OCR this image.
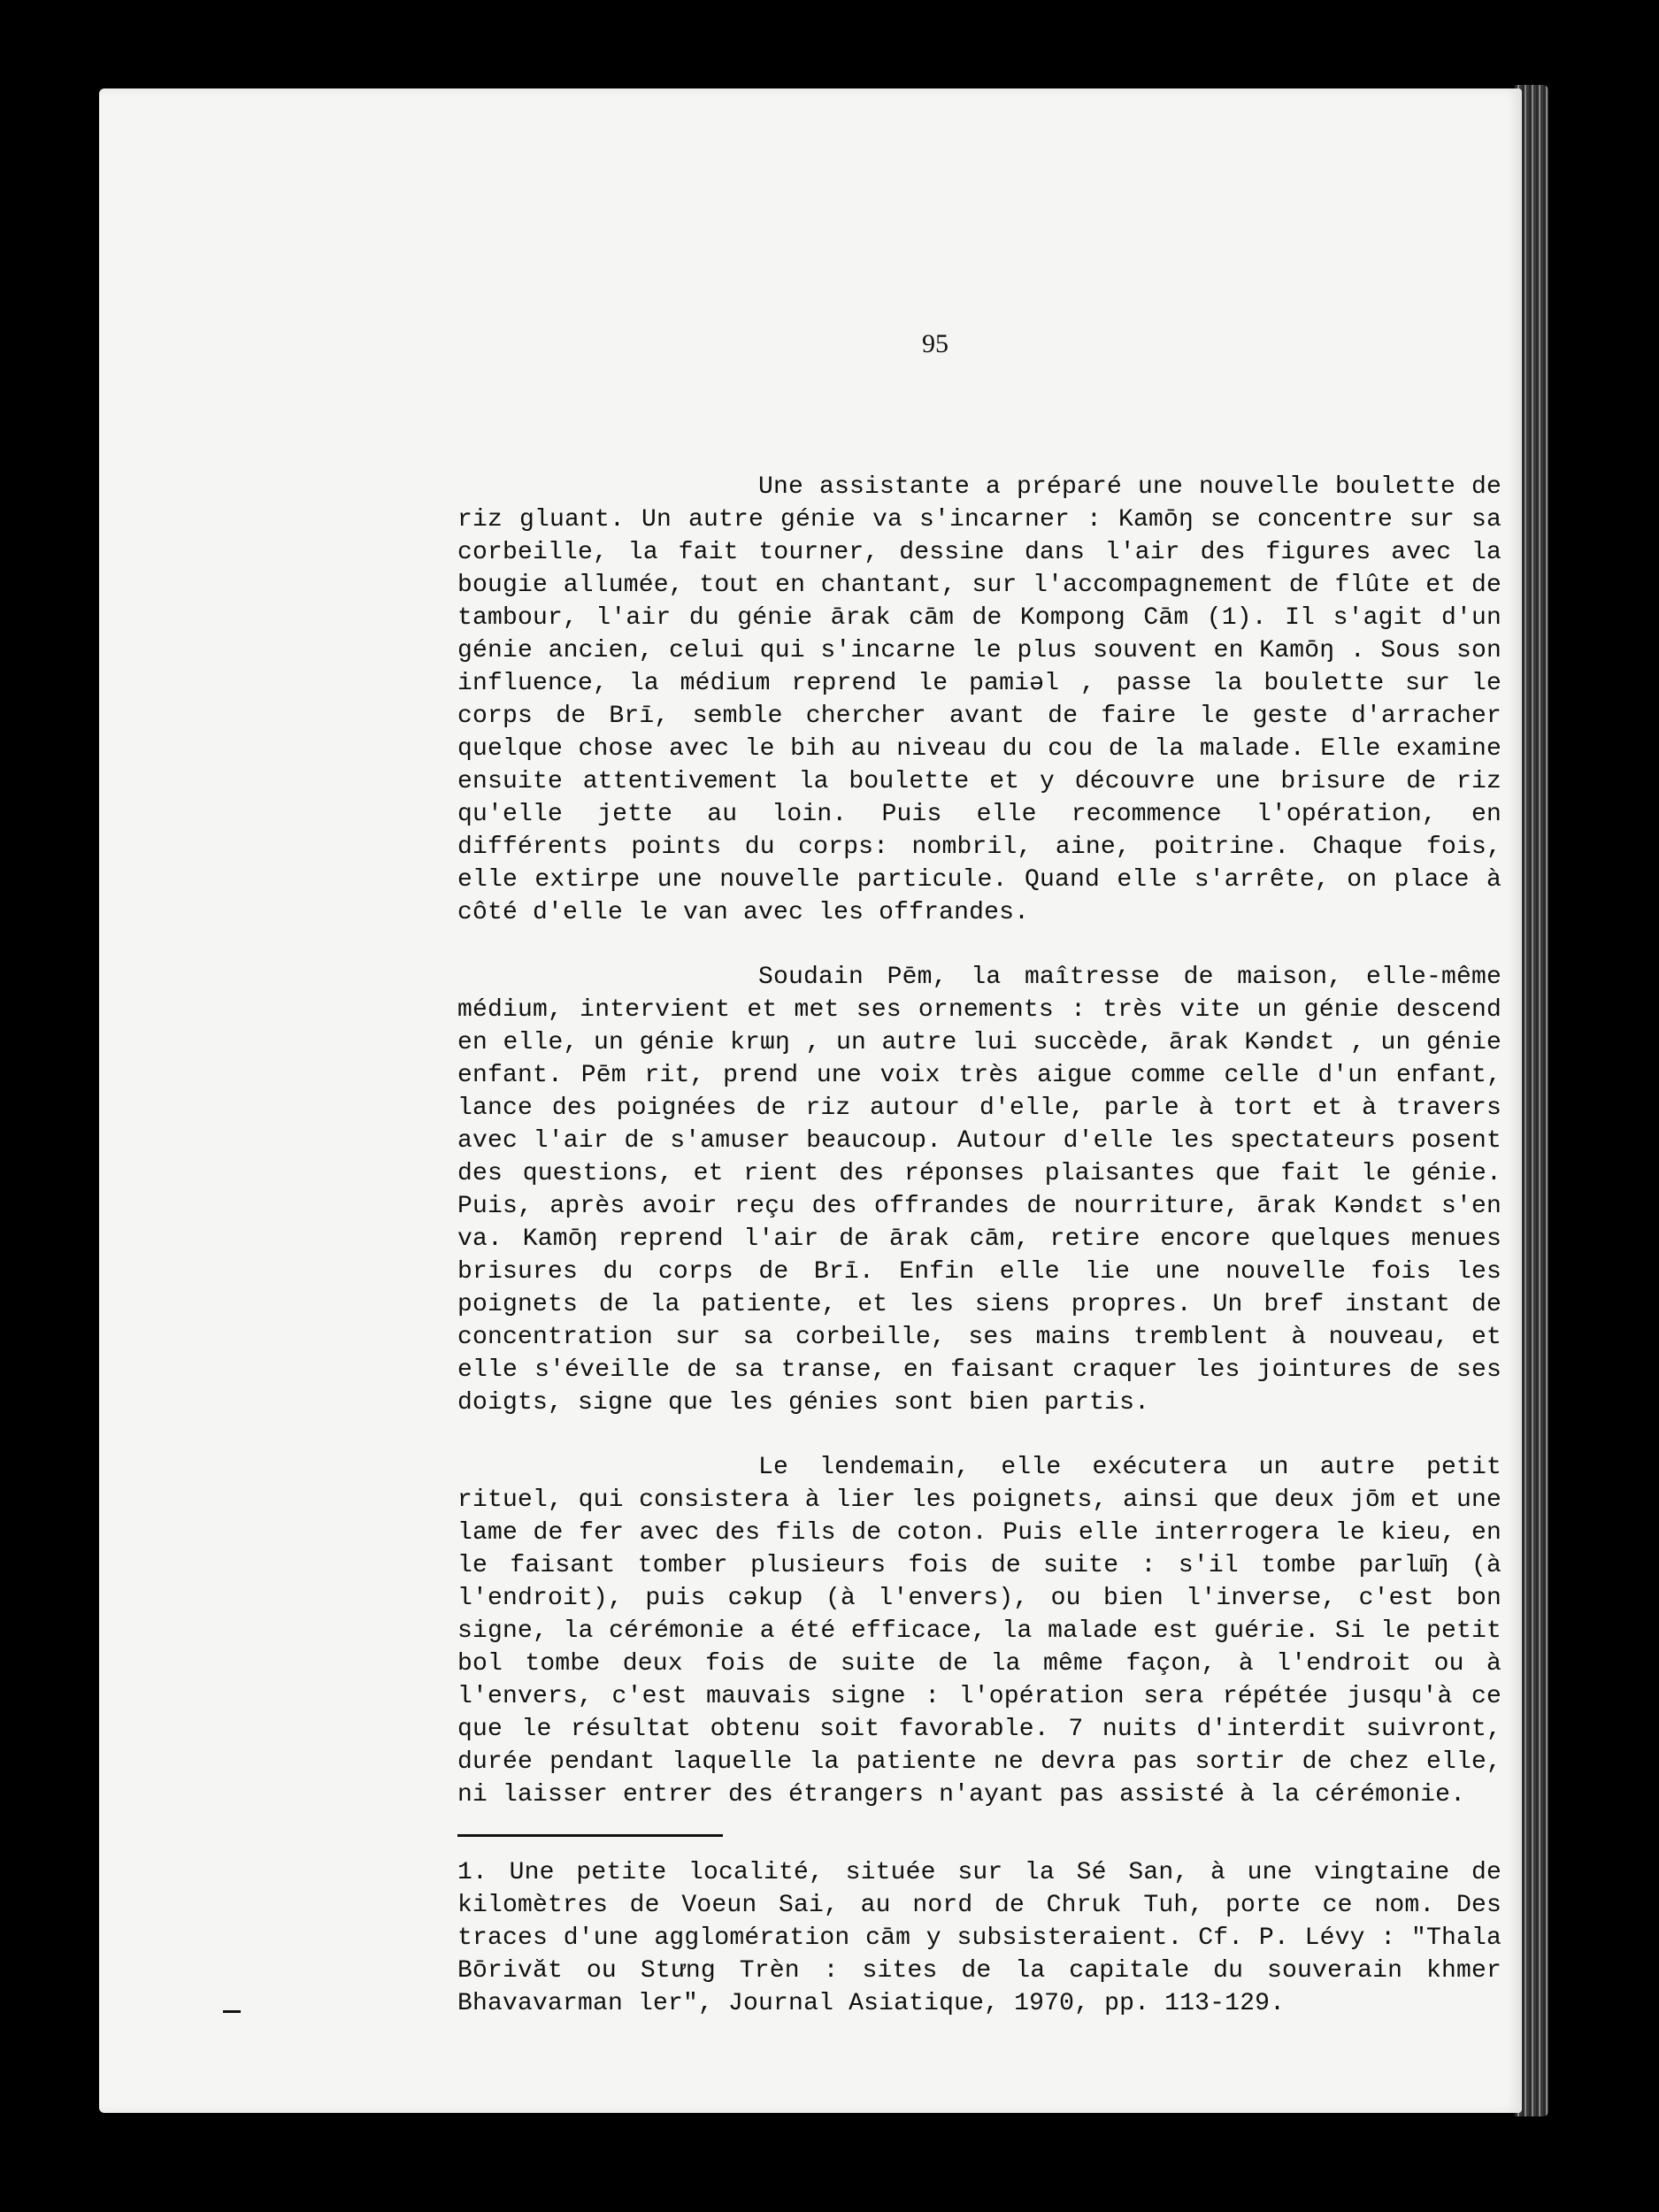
95

Une assistante a préparé une nouvelle boulette de riz gluant. Un autre génie va s'incarner : Kamōŋ se concentre sur sa corbeille, la fait tourner, dessine dans l'air des figures avec la bougie allumée, tout en chantant, sur l'accompagnement de flûte et de tambour, l'air du génie ārak cām de Kompong Cām (1). Il s'agit d'un génie ancien, celui qui s'incarne le plus souvent en Kamōŋ . Sous son influence, la médium reprend le pamiəl , passe la boulette sur le corps de Brī, semble chercher avant de faire le geste d'arracher quelque chose avec le bih au niveau du cou de la malade. Elle examine ensuite attentivement la boulette et y découvre une brisure de riz qu'elle jette au loin. Puis elle recommence l'opération, en différents points du corps: nombril, aine, poitrine. Chaque fois, elle extirpe une nouvelle particule. Quand elle s'arrête, on place à côté d'elle le van avec les offrandes.

Soudain Pēm, la maîtresse de maison, elle-même médium, intervient et met ses ornements : très vite un génie descend en elle, un génie krɯŋ , un autre lui succède, ārak Kəndɛt , un génie enfant. Pēm rit, prend une voix très aigue comme celle d'un enfant, lance des poignées de riz autour d'elle, parle à tort et à travers avec l'air de s'amuser beaucoup. Autour d'elle les spectateurs posent des questions, et rient des réponses plaisantes que fait le génie. Puis, après avoir reçu des offrandes de nourriture, ārak Kəndɛt s'en va. Kamōŋ reprend l'air de ārak cām, retire encore quelques menues brisures du corps de Brī. Enfin elle lie une nouvelle fois les poignets de la patiente, et les siens propres. Un bref instant de concentration sur sa corbeille, ses mains tremblent à nouveau, et elle s'éveille de sa transe, en faisant craquer les jointures de ses doigts, signe que les génies sont bien partis.

Le lendemain, elle exécutera un autre petit rituel, qui consistera à lier les poignets, ainsi que deux jōm et une lame de fer avec des fils de coton. Puis elle interrogera le kieu, en le faisant tomber plusieurs fois de suite : s'il tombe parlɯ̄ŋ (à l'endroit), puis cəkup (à l'envers), ou bien l'inverse, c'est bon signe, la cérémonie a été efficace, la malade est guérie. Si le petit bol tombe deux fois de suite de la même façon, à l'endroit ou à l'envers, c'est mauvais signe : l'opération sera répétée jusqu'à ce que le résultat obtenu soit favorable. 7 nuits d'interdit suivront, durée pendant laquelle la patiente ne devra pas sortir de chez elle, ni laisser entrer des étrangers n'ayant pas assisté à la cérémonie.

1. Une petite localité, située sur la Sé San, à une vingtaine de kilomètres de Voeun Sai, au nord de Chruk Tuh, porte ce nom. Des traces d'une agglomération cām y subsisteraient. Cf. P. Lévy : "Thala Bōrivăt ou Stưng Trèn : sites de la capitale du souverain khmer Bhavavarman ler", Journal Asiatique, 1970, pp. 113-129.
